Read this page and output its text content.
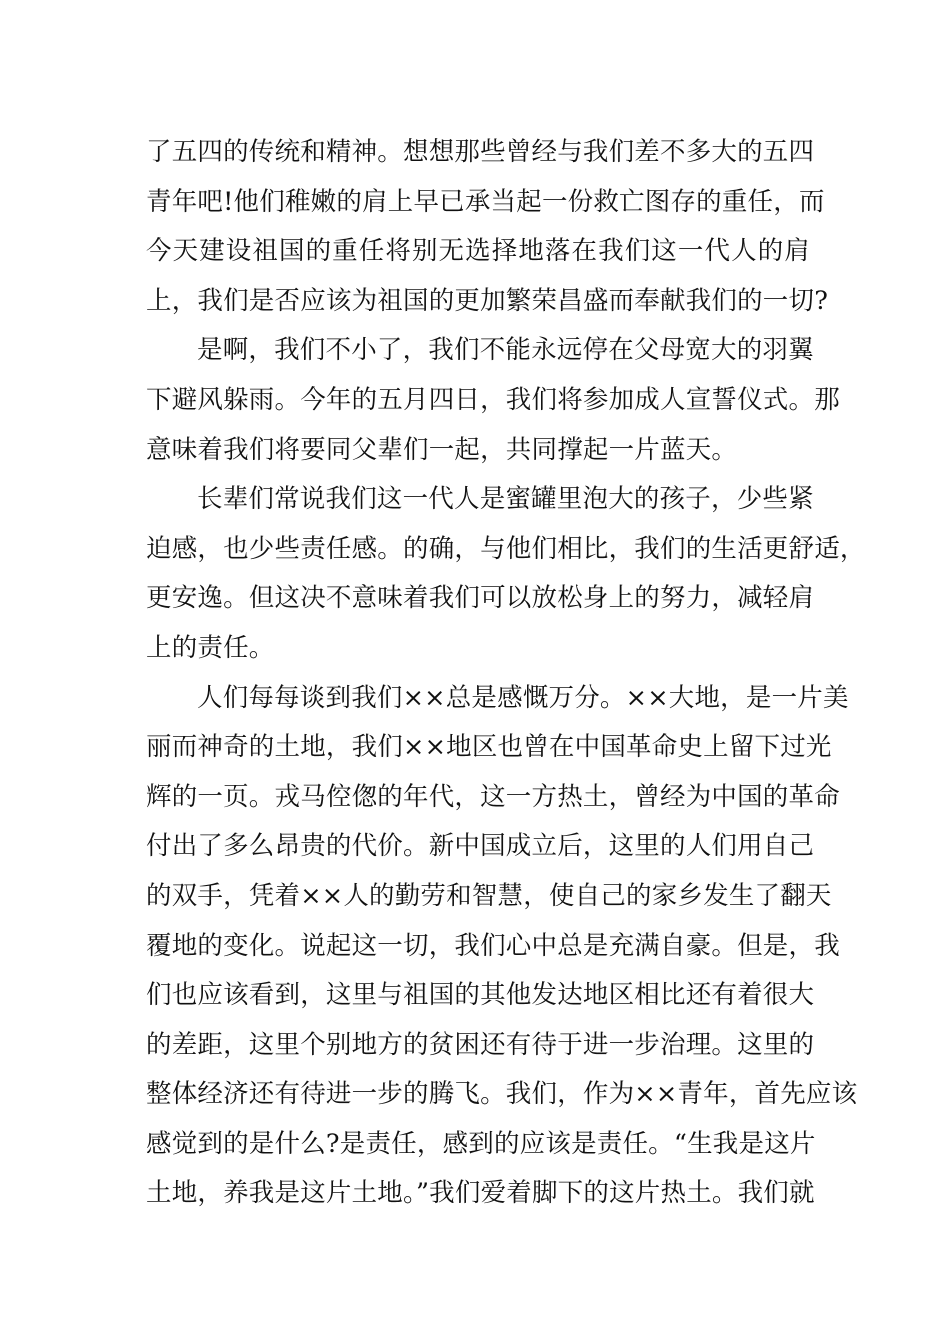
了五四的传统和精神。想想那些曾经与我们差不多大的五四
青年吧!他们稚嫩的肩上早已承当起一份救亡图存的重任，而
今天建设祖国的重任将别无选择地落在我们这一代人的肩
上，我们是否应该为祖国的更加繁荣昌盛而奉献我们的一切?
是啊，我们不小了，我们不能永远停在父母宽大的羽翼
下避风躲雨。今年的五月四日，我们将参加成人宣誓仪式。那
意味着我们将要同父辈们一起，共同撑起一片蓝天。
长辈们常说我们这一代人是蜜罐里泡大的孩子，少些紧
迫感，也少些责任感。的确，与他们相比，我们的生活更舒适，
更安逸。但这决不意味着我们可以放松身上的努力，减轻肩
上的责任。
人们每每谈到我们××总是感慨万分。××大地，是一片美
丽而神奇的土地，我们××地区也曾在中国革命史上留下过光
辉的一页。戎马倥偬的年代，这一方热土，曾经为中国的革命
付出了多么昂贵的代价。新中国成立后，这里的人们用自己
的双手，凭着××人的勤劳和智慧，使自己的家乡发生了翻天
覆地的变化。说起这一切，我们心中总是充满自豪。但是，我
们也应该看到，这里与祖国的其他发达地区相比还有着很大
的差距，这里个别地方的贫困还有待于进一步治理。这里的
整体经济还有待进一步的腾飞。我们，作为××青年，首先应该
感觉到的是什么?是责任，感到的应该是责任。“生我是这片
土地，养我是这片土地。”我们爱着脚下的这片热土。我们就
